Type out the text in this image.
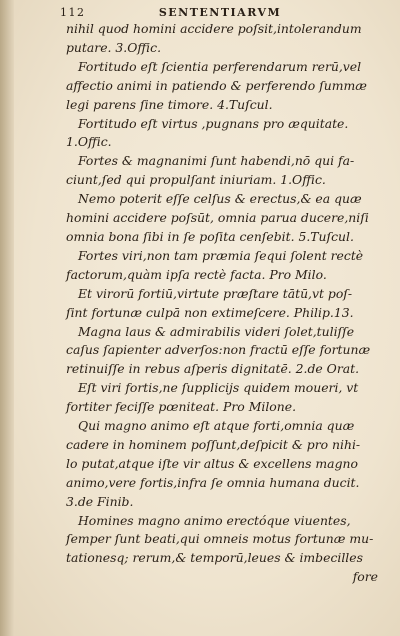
112	SENTENTIARVM
nihil quod homini accidere poſsit,intolerandum
putare. 3.Offic.
Fortitudo eſt ſcientia perferendarum rerū,vel
affectio animi in patiendo & perferendo ſummæ
legi parens ſine timore. 4.Tuſcul.
Fortitudo eſt virtus ,pugnans pro æquitate.
1.Offic.
Fortes & magnanimi ſunt habendi,nō qui fa-
ciunt,ſed qui propulſant iniuriam. 1.Offic.
Nemo poterit eſſe celſus & erectus,& ea quæ
homini accidere poſsūt, omnia parua ducere,niſi
omnia bona ſibi in ſe poſita cenſebit. 5.Tuſcul.
Fortes viri,non tam præmia ſequi ſolent rectè
factorum,quàm ipſa rectè facta. Pro Milo.
Et virorū fortiū,virtute præſtare tātū,vt poſ-
ſint fortunæ culpā non extimeſcere. Philip.13.
Magna laus & admirabilis videri ſolet,tuliſſe
caſus ſapienter adverſos:non fractū eſſe fortunæ
retinuiſſe in rebus aſperis dignitatē. 2.de Orat.
Eſt viri fortis,ne ſupplicijs quidem moueri, vt
fortiter feciſſe pœniteat. Pro Milone.
Qui magno animo eſt atque forti,omnia quæ
cadere in hominem poſſunt,deſpicit & pro nihi-
lo putat,atque iſte vir altus & excellens magno
animo,vere fortis,infra ſe omnia humana ducit.
3.de Finib.
Homines magno animo erectóque viuentes,
ſemper ſunt beati,qui omneis motus fortunæ mu-
tationesq; rerum,& temporū,leues & imbecilles
fore
